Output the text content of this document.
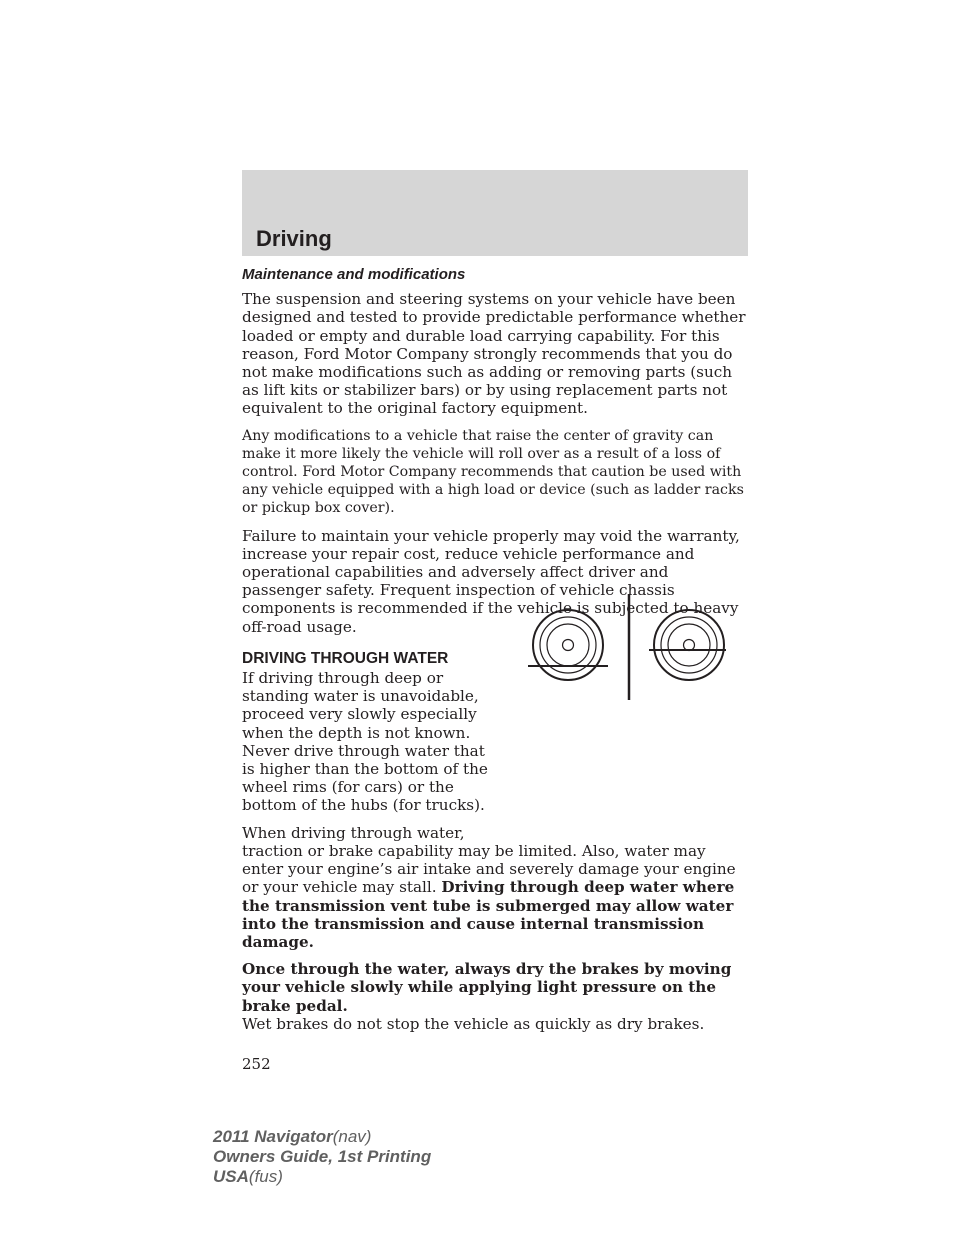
Driving
Maintenance and modifications

The suspension and steering systems on your vehicle have been designed and tested to provide predictable performance whether loaded or empty and durable load carrying capability. For this reason, Ford Motor Company strongly recommends that you do not make modifications such as adding or removing parts (such as lift kits or stabilizer bars) or by using replacement parts not equivalent to the original factory equipment.

Any modifications to a vehicle that raise the center of gravity can make it more likely the vehicle will roll over as a result of a loss of control. Ford Motor Company recommends that caution be used with any vehicle equipped with a high load or device (such as ladder racks or pickup box cover).

Failure to maintain your vehicle properly may void the warranty, increase your repair cost, reduce vehicle performance and operational capabilities and adversely affect driver and passenger safety. Frequent inspection of vehicle chassis components is recommended if the vehicle is subjected to heavy off-road usage.

DRIVING THROUGH WATER

If driving through deep or standing water is unavoidable, proceed very slowly especially when the depth is not known. Never drive through water that is higher than the bottom of the wheel rims (for cars) or the bottom of the hubs (for trucks).

When driving through water,
traction or brake capability may be limited. Also, water may enter your engine’s air intake and severely damage your engine or your vehicle may stall. Driving through deep water where the transmission vent tube is submerged may allow water into the transmission and cause internal transmission damage.

Once through the water, always dry the brakes by moving your vehicle slowly while applying light pressure on the brake pedal.
Wet brakes do not stop the vehicle as quickly as dry brakes.

252
2011 Navigator(nav)
Owners Guide, 1st Printing
USA(fus)
